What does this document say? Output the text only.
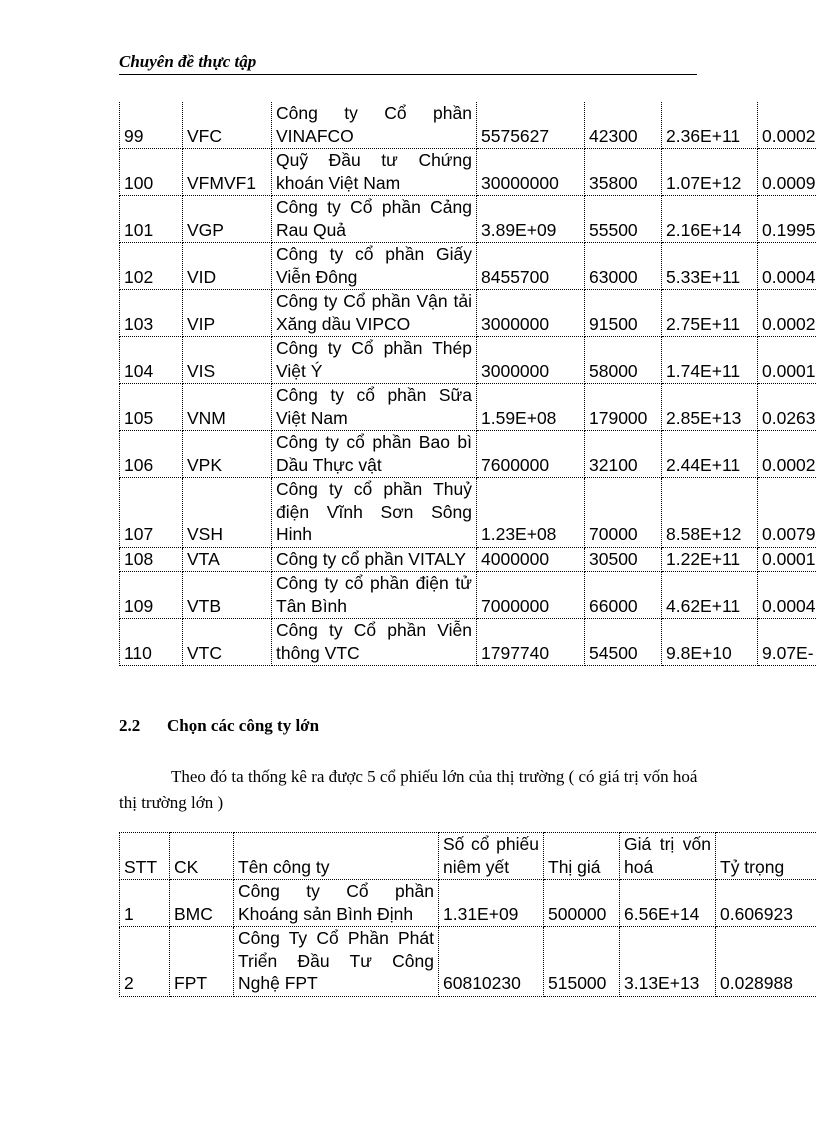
Chuyên đề thực tập
99	VFC	Công ty Cổ phần VINAFCO	5575627	42300	2.36E+11	0.0002
100	VFMVF1	Quỹ Đầu tư Chứng khoán Việt Nam	30000000	35800	1.07E+12	0.0009
101	VGP	Công ty Cổ phần Cảng Rau Quả	3.89E+09	55500	2.16E+14	0.1995
102	VID	Công ty cổ phần Giấy Viễn Đông	8455700	63000	5.33E+11	0.0004
103	VIP	Công ty Cổ phần Vận tải Xăng dầu VIPCO	3000000	91500	2.75E+11	0.0002
104	VIS	Công ty Cổ phần Thép Việt Ý	3000000	58000	1.74E+11	0.0001
105	VNM	Công ty cổ phần Sữa Việt Nam	1.59E+08	179000	2.85E+13	0.0263
106	VPK	Công ty cổ phần Bao bì Dầu Thực vật	7600000	32100	2.44E+11	0.0002
107	VSH	Công ty cổ phần Thuỷ điện Vĩnh Sơn Sông Hinh	1.23E+08	70000	8.58E+12	0.0079
108	VTA	Công ty cổ phần VITALY	4000000	30500	1.22E+11	0.0001
109	VTB	Công ty cổ phần điện tử Tân Bình	7000000	66000	4.62E+11	0.0004
110	VTC	Công ty Cổ phần Viễn thông VTC	1797740	54500	9.8E+10	9.07E-
2.2 Chọn các công ty lớn
Theo đó ta thống kê ra được 5 cổ phiếu lớn của thị trường ( có giá trị vốn hoá thị trường lớn )
STT	CK	Tên công ty	Số cổ phiếu niêm yết	Thị giá	Giá trị vốn hoá	Tỷ trọng
1	BMC	Công ty Cổ phần Khoáng sản Bình Định	1.31E+09	500000	6.56E+14	0.606923
2	FPT	Công Ty Cổ Phần Phát Triển Đầu Tư Công Nghệ FPT	60810230	515000	3.13E+13	0.028988
